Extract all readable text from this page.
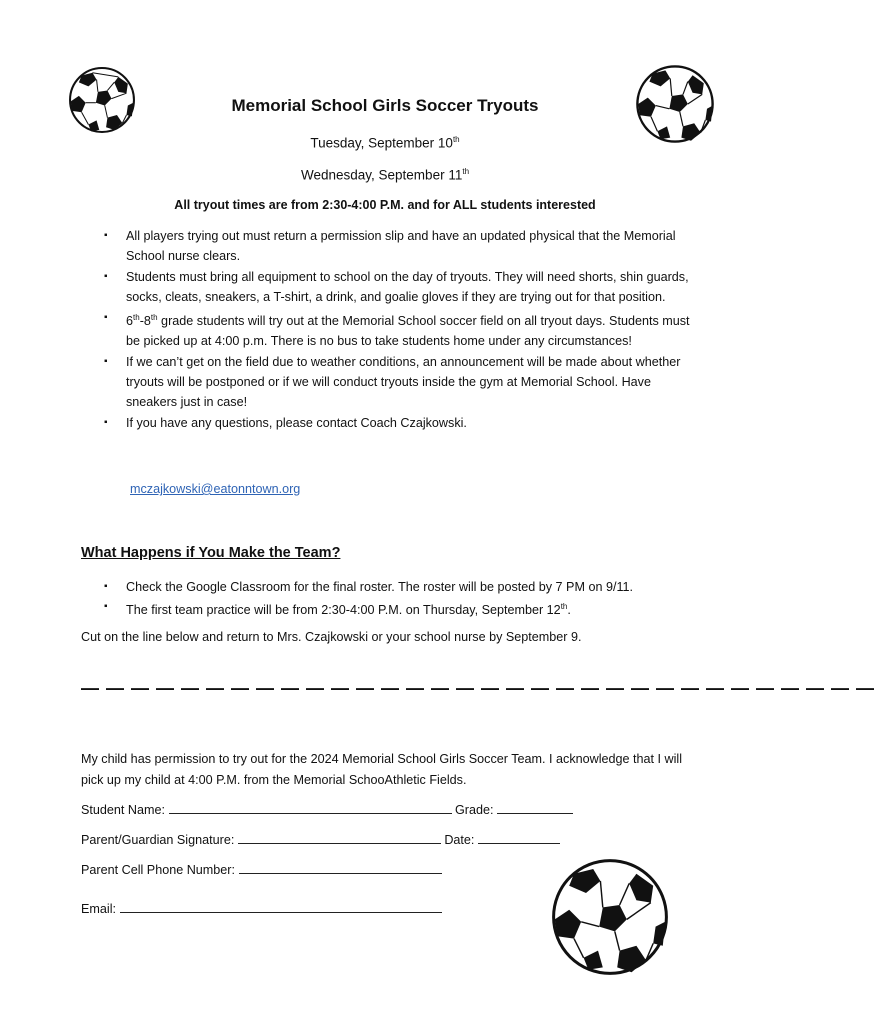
Memorial School Girls Soccer Tryouts
Tuesday, September 10th
Wednesday, September 11th
All tryout times are from 2:30-4:00 P.M. and for ALL students interested
▪ All players trying out must return a permission slip and have an updated physical that the Memorial School nurse clears.
▪ Students must bring all equipment to school on the day of tryouts. They will need shorts, shin guards, socks, cleats, sneakers, a T-shirt, a drink, and goalie gloves if they are trying out for that position.
▪ 6th-8th grade students will try out at the Memorial School soccer field on all tryout days. Students must be picked up at 4:00 p.m. There is no bus to take students home under any circumstances!
▪ If we can’t get on the field due to weather conditions, an announcement will be made about whether tryouts will be postponed or if we will conduct tryouts inside the gym at Memorial School. Have sneakers just in case!
▪ If you have any questions, please contact Coach Czajkowski.
mczajkowski@eatonntown.org
What Happens if You Make the Team?
▪ Check the Google Classroom for the final roster. The roster will be posted by 7 PM on 9/11.
▪ The first team practice will be from 2:30-4:00 P.M. on Thursday, September 12th.
Cut on the line below and return to Mrs. Czajkowski or your school nurse by September 9.
— — — — — — — — — — — — — — — — — — — — — — — — — — — — — — — —

My child has permission to try out for the 2024 Memorial School Girls Soccer Team. I acknowledge that I will pick up my child at 4:00 P.M. from the Memorial SchooAthletic Fields.

Student Name:	Grade:
Parent/Guardian Signature:	Date:
Parent Cell Phone Number:
Email:
